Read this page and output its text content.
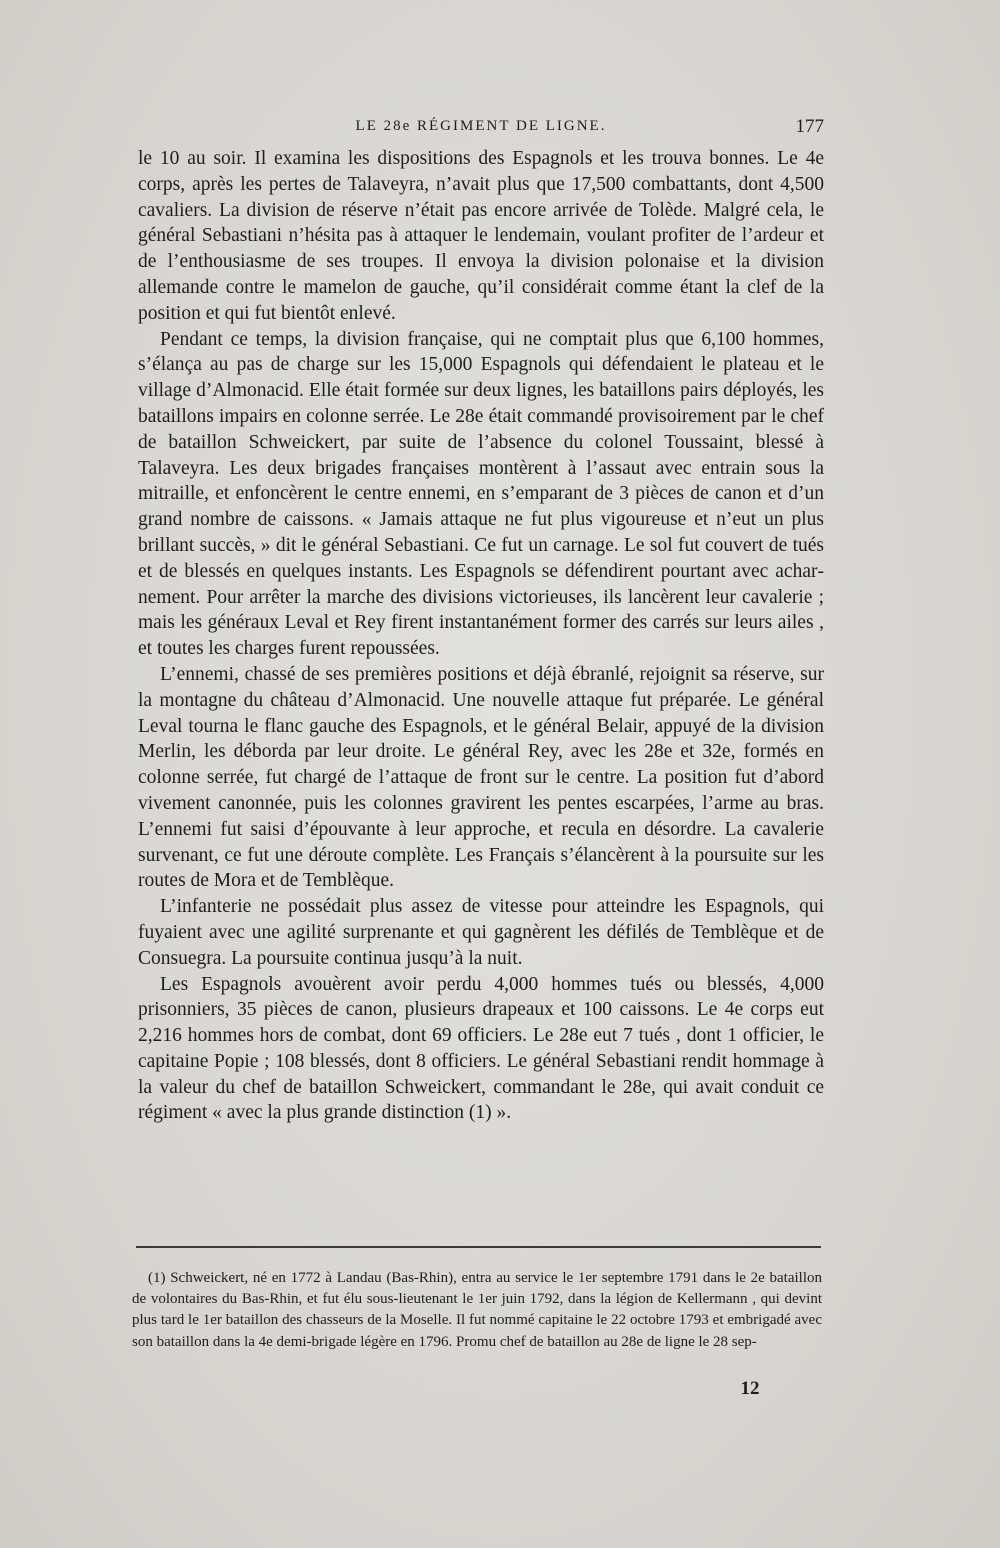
LE 28e RÉGIMENT DE LIGNE.	177

le 10 au soir. Il examina les dispositions des Espagnols et les trouva bonnes. Le 4e corps, après les pertes de Talaveyra, n’avait plus que 17,500 combattants, dont 4,500 cavaliers. La division de réserve n’était pas encore arrivée de Tolède. Malgré cela, le général Sebastiani n’hésita pas à attaquer le lendemain, voulant profiter de l’ardeur et de l’enthousiasme de ses troupes. Il envoya la division polonaise et la division allemande contre le mamelon de gauche, qu’il considérait comme étant la clef de la position et qui fut bientôt enlevé.

Pendant ce temps, la division française, qui ne comptait plus que 6,100 hommes, s’élança au pas de charge sur les 15,000 Espagnols qui défendaient le plateau et le village d’Almonacid. Elle était formée sur deux lignes, les bataillons pairs déployés, les bataillons impairs en colonne serrée. Le 28e était commandé provisoirement par le chef de bataillon Schweickert, par suite de l’absence du colonel Toussaint, blessé à Talaveyra. Les deux brigades françaises montèrent à l’assaut avec entrain sous la mitraille, et enfoncèrent le centre ennemi, en s’emparant de 3 pièces de canon et d’un grand nombre de caissons. « Jamais attaque ne fut plus vigoureuse et n’eut un plus brillant succès, » dit le général Sebastiani. Ce fut un carnage. Le sol fut couvert de tués et de blessés en quelques instants. Les Espagnols se défendirent pourtant avec acharnement. Pour arrêter la marche des divisions victorieuses, ils lancèrent leur cavalerie ; mais les généraux Leval et Rey firent instantanément former des carrés sur leurs ailes , et toutes les charges furent repoussées.

L’ennemi, chassé de ses premières positions et déjà ébranlé, rejoignit sa réserve, sur la montagne du château d’Almonacid. Une nouvelle attaque fut préparée. Le général Leval tourna le flanc gauche des Espagnols, et le général Belair, appuyé de la division Merlin, les déborda par leur droite. Le général Rey, avec les 28e et 32e, formés en colonne serrée, fut chargé de l’attaque de front sur le centre. La position fut d’abord vivement canonnée, puis les colonnes gravirent les pentes escarpées, l’arme au bras. L’ennemi fut saisi d’épouvante à leur approche, et recula en désordre. La cavalerie survenant, ce fut une déroute complète. Les Français s’élancèrent à la poursuite sur les routes de Mora et de Temblèque.

L’infanterie ne possédait plus assez de vitesse pour atteindre les Espagnols, qui fuyaient avec une agilité surprenante et qui gagnèrent les défilés de Temblèque et de Consuegra. La poursuite continua jusqu’à la nuit.

Les Espagnols avouèrent avoir perdu 4,000 hommes tués ou blessés, 4,000 prisonniers, 35 pièces de canon, plusieurs drapeaux et 100 caissons. Le 4e corps eut 2,216 hommes hors de combat, dont 69 officiers. Le 28e eut 7 tués , dont 1 officier, le capitaine Popie ; 108 blessés, dont 8 officiers. Le général Sebastiani rendit hommage à la valeur du chef de bataillon Schweickert, commandant le 28e, qui avait conduit ce régiment « avec la plus grande distinction (1) ».

(1) Schweickert, né en 1772 à Landau (Bas-Rhin), entra au service le 1er septembre 1791 dans le 2e bataillon de volontaires du Bas-Rhin, et fut élu sous-lieutenant le 1er juin 1792, dans la légion de Kellermann , qui devint plus tard le 1er bataillon des chasseurs de la Moselle. Il fut nommé capitaine le 22 octobre 1793 et embrigadé avec son bataillon dans la 4e demi-brigade légère en 1796. Promu chef de bataillon au 28e de ligne le 28 sep-

12
